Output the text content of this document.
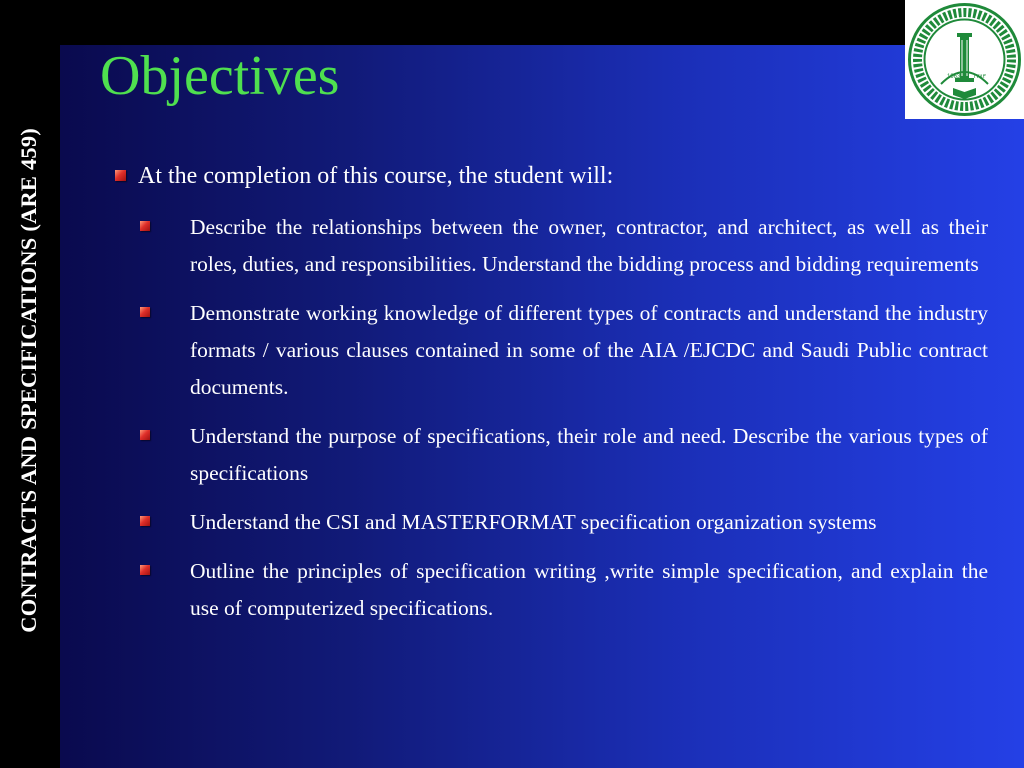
CONTRACTS AND SPECIFICATIONS (ARE 459)
Objectives	1963 ١٣٨٣
At the completion of this course, the student will:
Describe the relationships between the owner, contractor, and architect, as well as their roles, duties, and responsibilities. Understand the bidding process and bidding requirements
Demonstrate working knowledge of different types of contracts and understand the industry formats / various clauses contained in some of the AIA /EJCDC and Saudi Public contract documents.
Understand the purpose of specifications, their role and need. Describe the various types of specifications
Understand the CSI and MASTERFORMAT specification organization systems
Outline the principles of specification writing ,write simple specification, and explain the use of computerized specifications.
